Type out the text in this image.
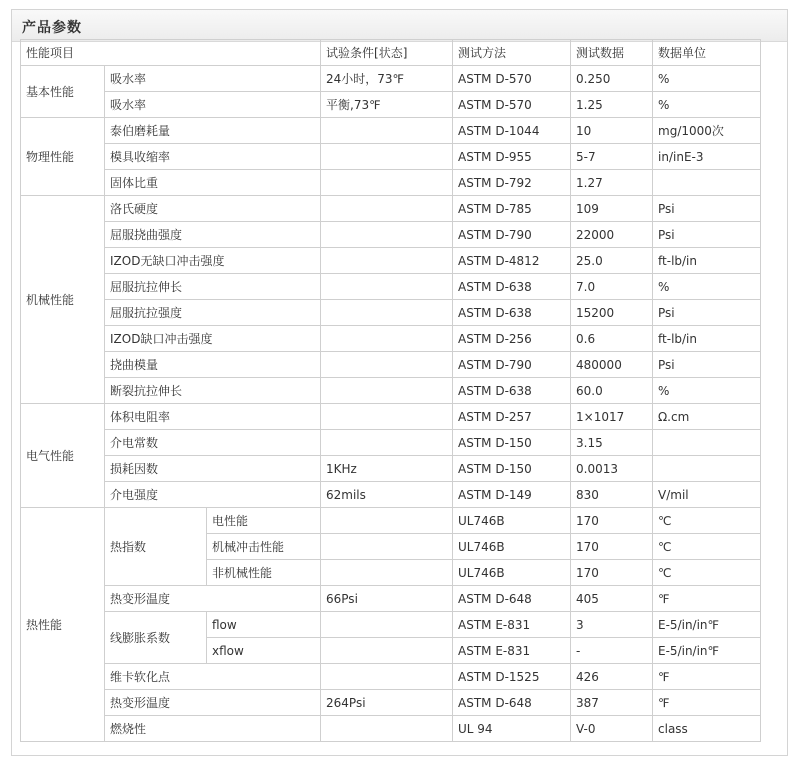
产品参数
性能项目			试验条件[状态]	测试方法	测试数据	数据单位
基本性能	吸水率		24小时，73℉	ASTM D-570	0.250	%
	吸水率		平衡,73℉	ASTM D-570	1.25	%
物理性能	泰伯磨耗量			ASTM D-1044	10	mg/1000次
	模具收缩率			ASTM D-955	5-7	in/inE-3
	固体比重			ASTM D-792	1.27	
机械性能	洛氏硬度			ASTM D-785	109	Psi
	屈服挠曲强度			ASTM D-790	22000	Psi
	IZOD无缺口冲击强度			ASTM D-4812	25.0	ft-lb/in
	屈服抗拉伸长			ASTM D-638	7.0	%
	屈服抗拉强度			ASTM D-638	15200	Psi
	IZOD缺口冲击强度			ASTM D-256	0.6	ft-lb/in
	挠曲模量			ASTM D-790	480000	Psi
	断裂抗拉伸长			ASTM D-638	60.0	%
电气性能	体积电阻率			ASTM D-257	1×1017	Ω.cm
	介电常数			ASTM D-150	3.15	
	损耗因数		1KHz	ASTM D-150	0.0013	
	介电强度		62mils	ASTM D-149	830	V/mil
热性能	热指数	电性能		UL746B	170	℃
		机械冲击性能		UL746B	170	℃
		非机械性能		UL746B	170	℃
	热变形温度		66Psi	ASTM D-648	405	℉
	线膨胀系数	flow		ASTM E-831	3	E-5/in/in℉
		xflow		ASTM E-831	-	E-5/in/in℉
	维卡软化点			ASTM D-1525	426	℉
	热变形温度		264Psi	ASTM D-648	387	℉
	燃烧性			UL 94	V-0	class
